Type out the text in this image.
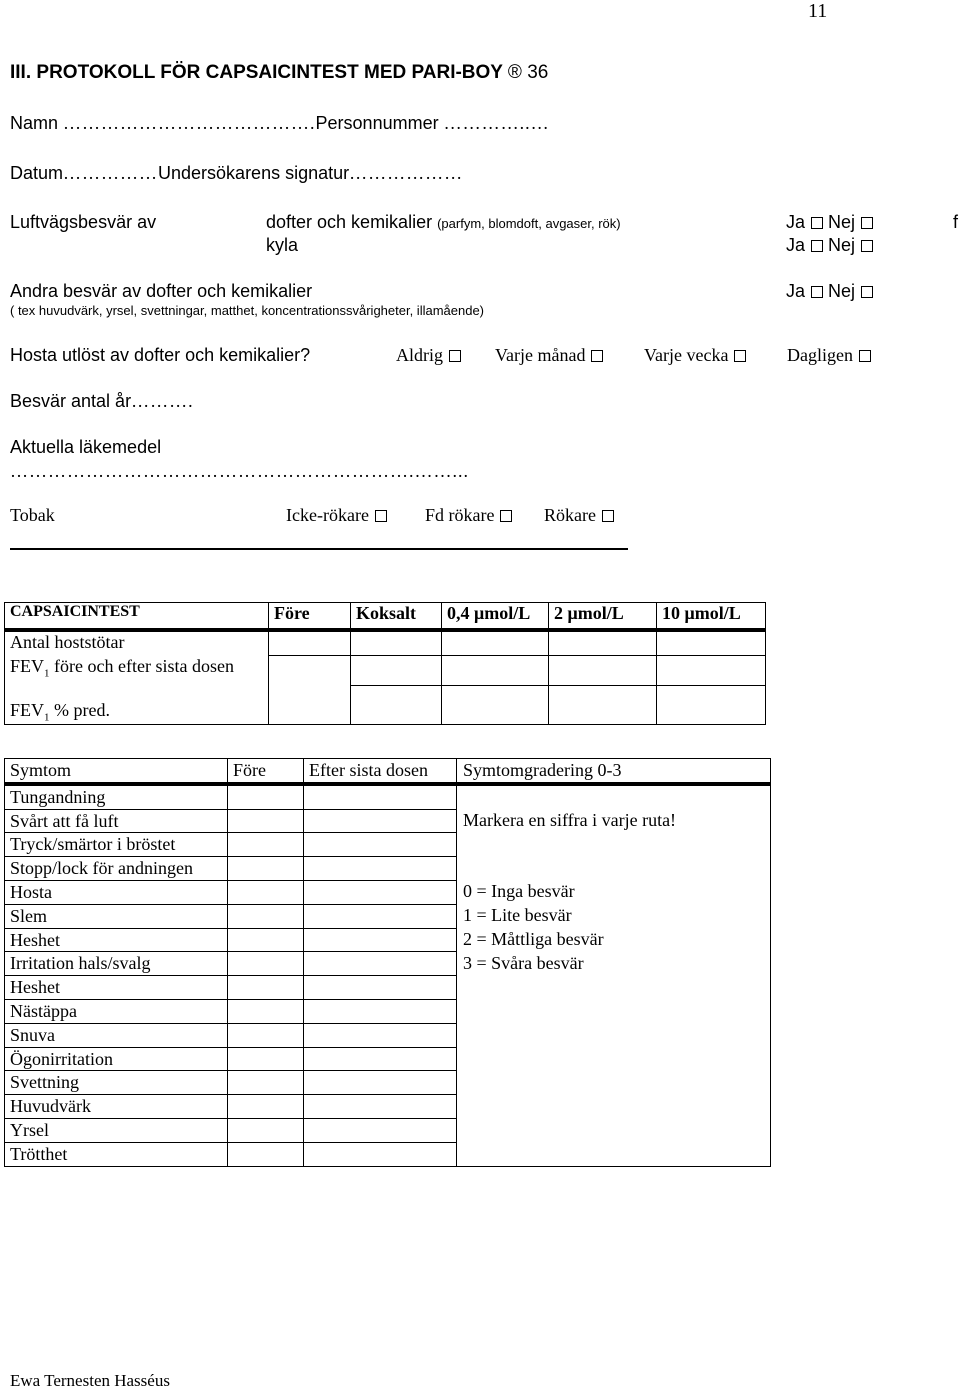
11
III. PROTOKOLL FÖR CAPSAICINTEST MED PARI-BOY ® 36
Namn ………………………………….Personnummer …………..…
Datum……………Undersökarens signatur………………
Luftvägsbesvär av	dofter och kemikalier (parfym, blomdoft, avgaser, rök)	Ja Nej	f
kyla	Ja Nej
Andra besvär av dofter och kemikalier	Ja Nej
( tex huvudvärk, yrsel, svettningar, matthet, koncentrationssvårigheter, illamående)
Hosta utlöst av dofter och kemikalier?	Aldrig	Varje månad	Varje vecka	Dagligen
Besvär antal år……….
Aktuella läkemedel
……………………………………………………….……...
Tobak	Icke-rökare	Fd rökare	Rökare
CAPSAICINTEST	Före	Koksalt	0,4 μmol/L	2 μmol/L	10 μmol/L
Antal hoststötar					
$FEV_1$ före och efter sista dosen					
$FEV_1$ % pred.					
Symtom	Före	Efter sista dosen	Symtomgradering 0-3
Tungandning			
Svårt att få luft			Markera en siffra i varje ruta!
Tryck/smärtor i bröstet			
Stopp/lock för andningen			
Hosta			0 = Inga besvär
Slem			1 = Lite besvär
Heshet			2 = Måttliga besvär
Irritation hals/svalg			3 = Svåra besvär
Heshet			
Nästäppa			
Snuva			
Ögonirritation			
Svettning			
Huvudvärk			
Yrsel			
Trötthet			
Ewa Ternesten Hasséus
